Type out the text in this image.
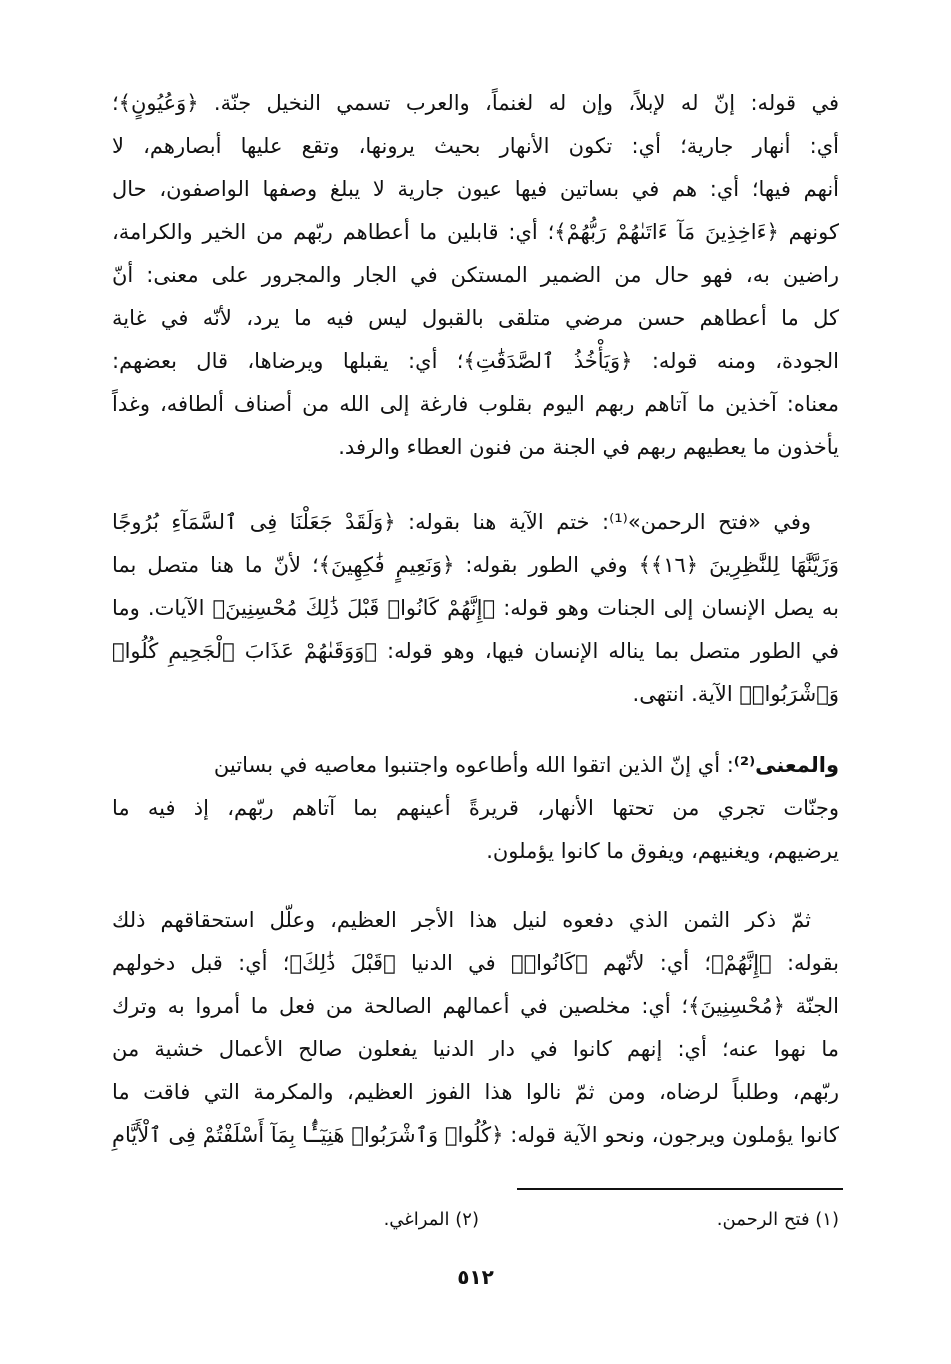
في قوله: إنّ له لإبلاً، وإن له لغنماً، والعرب تسمي النخيل جنّة. ﴿وَعُيُونٍ﴾؛
أي: أنهار جارية؛ أي: تكون الأنهار بحيث يرونها، وتقع عليها أبصارهم، لا
أنهم فيها؛ أي: هم في بساتين فيها عيون جارية لا يبلغ وصفها الواصفون، حال
كونهم ﴿ءَاخِذِينَ مَآ ءَاتَىٰهُمْ رَبُّهُمْ﴾؛ أي: قابلين ما أعطاهم ربّهم من الخير والكرامة،
راضين به، فهو حال من الضمير المستكن في الجار والمجرور على معنى: أنّ
كل ما أعطاهم حسن مرضي متلقى بالقبول ليس فيه ما يرد، لأنّه في غاية
الجودة، ومنه قوله: ﴿وَيَأْخُذُ ٱلصَّدَقَٰتِ﴾؛ أي: يقبلها ويرضاها، قال بعضهم:
معناه: آخذين ما آتاهم ربهم اليوم بقلوب فارغة إلى الله من أصناف ألطافه، وغداً
يأخذون ما يعطيهم ربهم في الجنة من فنون العطاء والرفد.
وفي «فتح الرحمن»⁽¹⁾: ختم الآية هنا بقوله: ﴿وَلَقَدْ جَعَلْنَا فِى ٱلسَّمَآءِ بُرُوجًا
وَزَيَّنَّٰهَا لِلنَّٰظِرِينَ ﴿١٦﴾﴾ وفي الطور بقوله: ﴿وَنَعِيمٍ فَٰكِهِينَ﴾؛ لأنّ ما هنا متصل بما
به يصل الإنسان إلى الجنات وهو قوله: ﴿إِنَّهُمْ كَانُوا۟ قَبْلَ ذَٰلِكَ مُحْسِنِينَ﴾ الآيات. وما
في الطور متصل بما يناله الإنسان فيها، وهو قوله: ﴿وَوَقَىٰهُمْ عَذَابَ ٱلْجَحِيمِ كُلُوا۟
وَٱشْرَبُوا۟﴾ الآية. انتهى.
والمعنى⁽²⁾: أي إنّ الذين اتقوا الله وأطاعوه واجتنبوا معاصيه في بساتين
وجنّات تجري من تحتها الأنهار، قريرةً أعينهم بما آتاهم ربّهم، إذ فيه ما
يرضيهم، ويغنيهم، ويفوق ما كانوا يؤملون.
ثمّ ذكر الثمن الذي دفعوه لنيل هذا الأجر العظيم، وعلّل استحقاقهم ذلك
بقوله: ﴿إِنَّهُمْ﴾؛ أي: لأنّهم ﴿كَانُوا۟﴾ في الدنيا ﴿قَبْلَ ذَٰلِكَ﴾؛ أي: قبل دخولهم
الجنّة ﴿مُحْسِنِينَ﴾؛ أي: مخلصين في أعمالهم الصالحة من فعل ما أمروا به وترك
ما نهوا عنه؛ أي: إنهم كانوا في دار الدنيا يفعلون صالح الأعمال خشية من
ربّهم، وطلباً لرضاه، ومن ثمّ نالوا هذا الفوز العظيم، والمكرمة التي فاقت ما
كانوا يؤملون ويرجون، ونحو الآية قوله: ﴿كُلُوا۟ وَٱشْرَبُوا۟ هَنِيٓـًٔۢا بِمَآ أَسْلَفْتُمْ فِى ٱلْأَيَّامِ
(١) فتح الرحمن.
(٢) المراغي.
٥١٢
